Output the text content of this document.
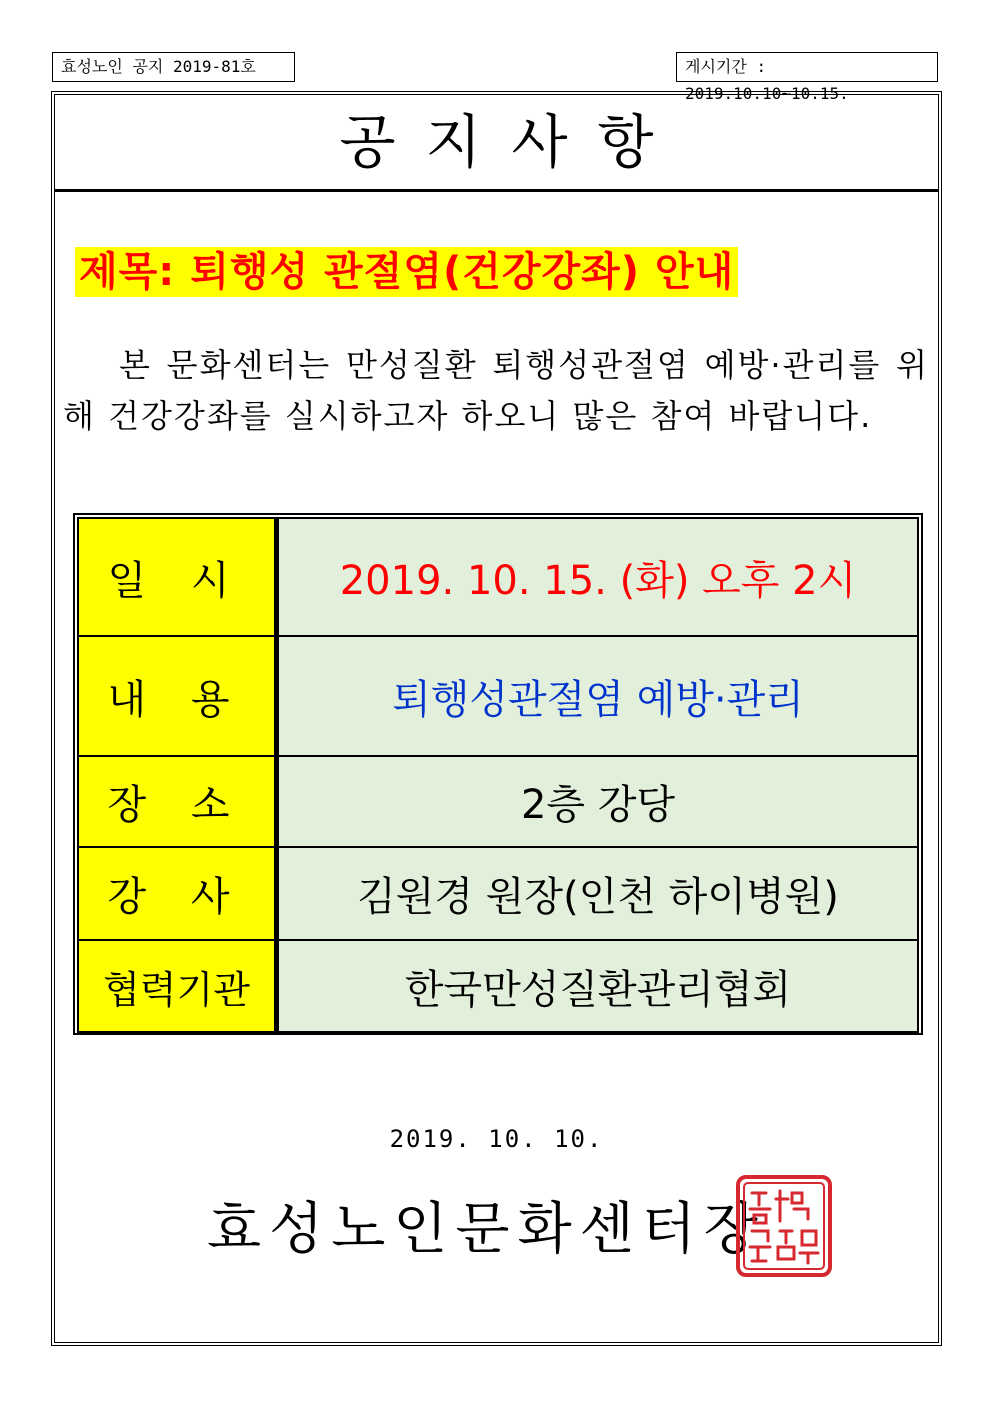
효성노인 공지 2019-81호	게시기간 : 2019.10.10~10.15.
공지사항
제목: 퇴행성 관절염(건강강좌) 안내
본 문화센터는 만성질환 퇴행성관절염 예방·관리를 위해 건강강좌를 실시하고자 하오니 많은 참여 바랍니다.
일 시	2019. 10. 15. (화) 오후 2시
내 용	퇴행성관절염 예방·관리
장 소	2층 강당
강 사	김원경 원장(인천 하이병원)
협력기관	한국만성질환관리협회
2019. 10. 10.
효성노인문화센터장
